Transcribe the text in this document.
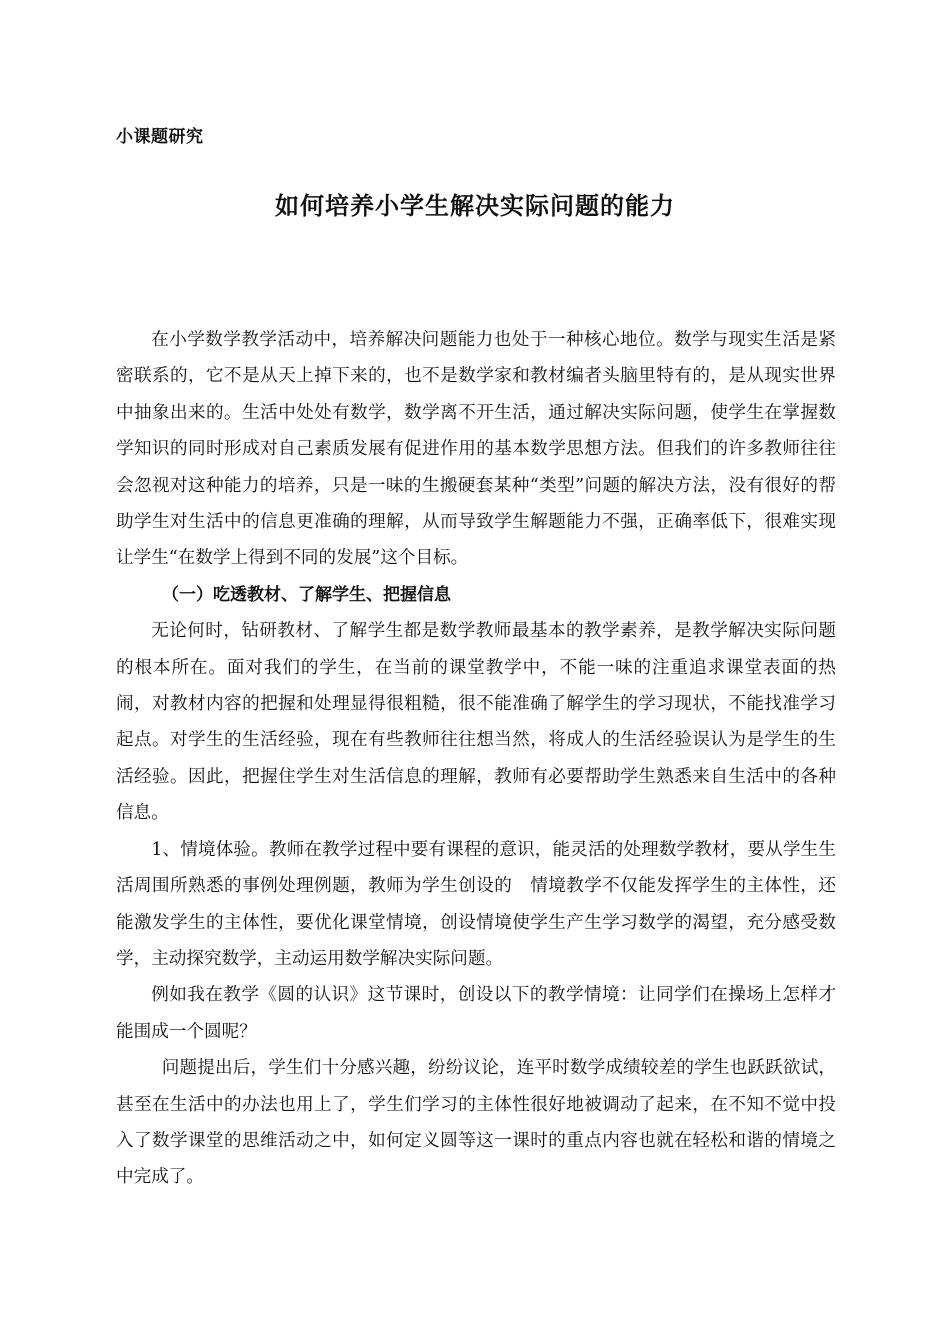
小课题研究
如何培养小学生解决实际问题的能力

在小学数学教学活动中，培养解决问题能力也处于一种核心地位。数学与现实生活是紧密联系的，它不是从天上掉下来的，也不是数学家和教材编者头脑里特有的，是从现实世界中抽象出来的。生活中处处有数学，数学离不开生活，通过解决实际问题，使学生在掌握数学知识的同时形成对自己素质发展有促进作用的基本数学思想方法。但我们的许多教师往往会忽视对这种能力的培养，只是一味的生搬硬套某种“类型”问题的解决方法，没有很好的帮助学生对生活中的信息更准确的理解，从而导致学生解题能力不强，正确率低下，很难实现让学生“在数学上得到不同的发展”这个目标。

（一）吃透教材、了解学生、把握信息

无论何时，钻研教材、了解学生都是数学教师最基本的教学素养，是教学解决实际问题的根本所在。面对我们的学生，在当前的课堂教学中，不能一味的注重追求课堂表面的热闹，对教材内容的把握和处理显得很粗糙，很不能准确了解学生的学习现状，不能找准学习起点。对学生的生活经验，现在有些教师往往想当然，将成人的生活经验误认为是学生的生活经验。因此，把握住学生对生活信息的理解，教师有必要帮助学生熟悉来自生活中的各种信息。

1、情境体验。教师在教学过程中要有课程的意识，能灵活的处理数学教材，要从学生生活周围所熟悉的事例处理例题，教师为学生创设的　情境教学不仅能发挥学生的主体性，还能激发学生的主体性，要优化课堂情境，创设情境使学生产生学习数学的渴望，充分感受数学，主动探究数学，主动运用数学解决实际问题。

例如我在教学《圆的认识》这节课时，创设以下的教学情境：让同学们在操场上怎样才能围成一个圆呢？

问题提出后，学生们十分感兴趣，纷纷议论，连平时数学成绩较差的学生也跃跃欲试，甚至在生活中的办法也用上了，学生们学习的主体性很好地被调动了起来，在不知不觉中投入了数学课堂的思维活动之中，如何定义圆等这一课时的重点内容也就在轻松和谐的情境之中完成了。
